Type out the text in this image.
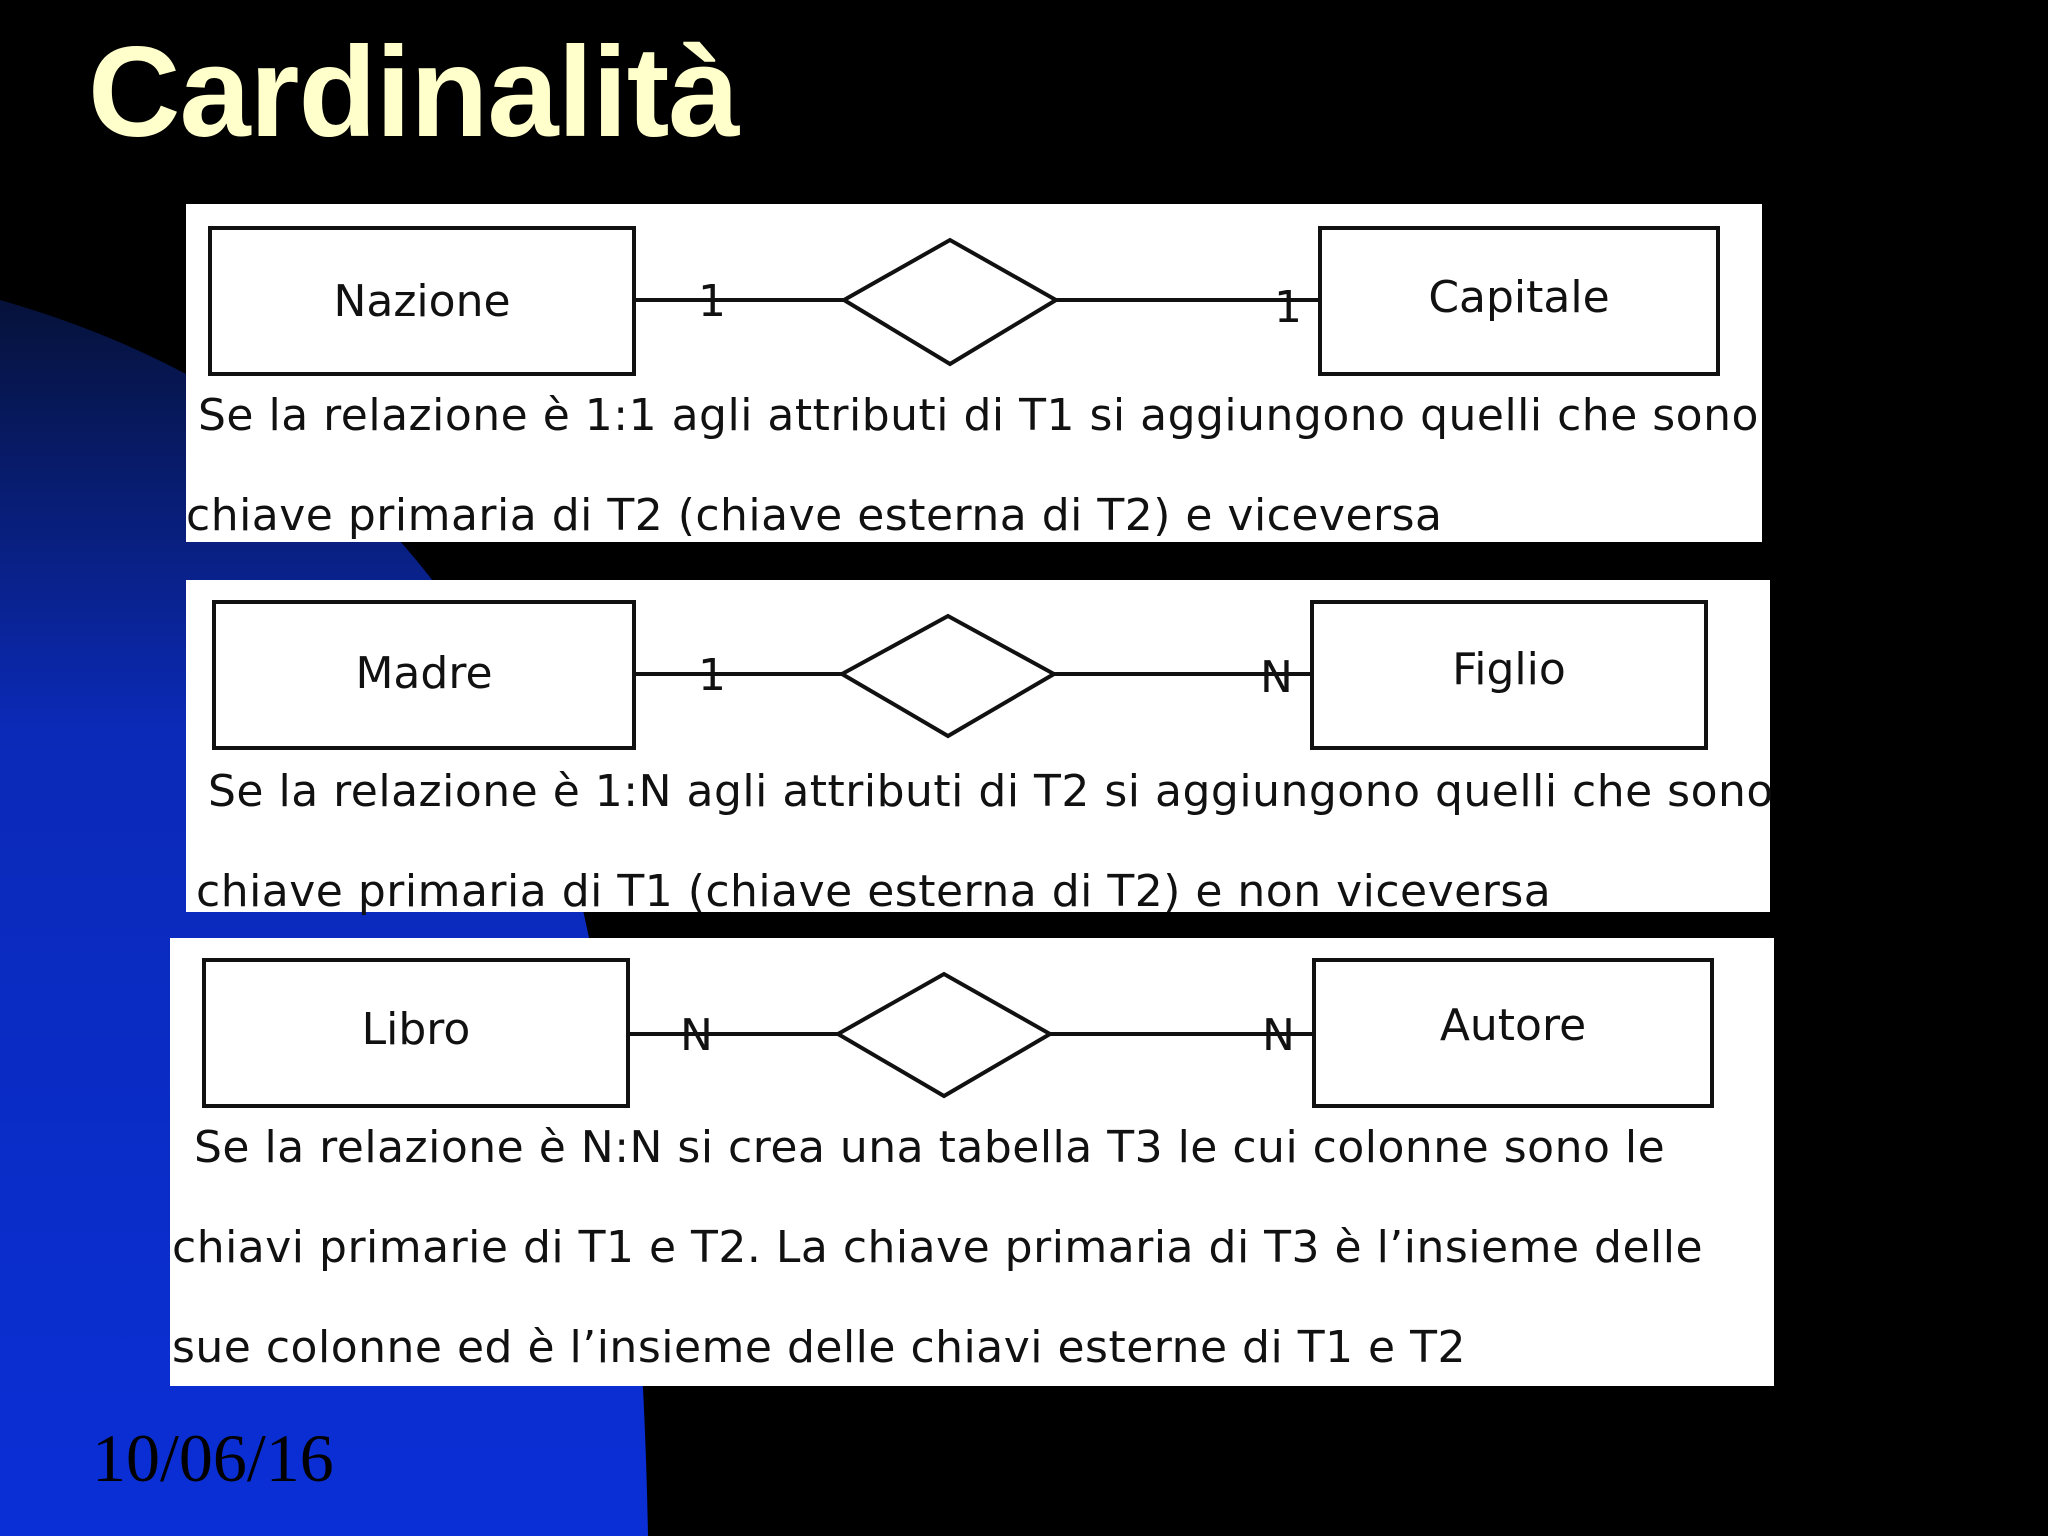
Cardinalità
Nazione	1	1	Capitale

Se la relazione è 1:1 agli attributi di T1 si aggiungono quelli che sono

chiave primaria di T2 (chiave esterna di T2) e viceversa

Madre	1	N	Figlio

Se la relazione è 1:N agli attributi di T2 si aggiungono quelli che sono

chiave primaria di T1 (chiave esterna di T2) e non viceversa

Libro	N	N	Autore

Se la relazione è N:N si crea una tabella T3 le cui colonne sono le

chiavi primarie di T1 e T2. La chiave primaria di T3 è l’insieme delle

sue colonne ed è l’insieme delle chiavi esterne di T1 e T2

10/06/16
